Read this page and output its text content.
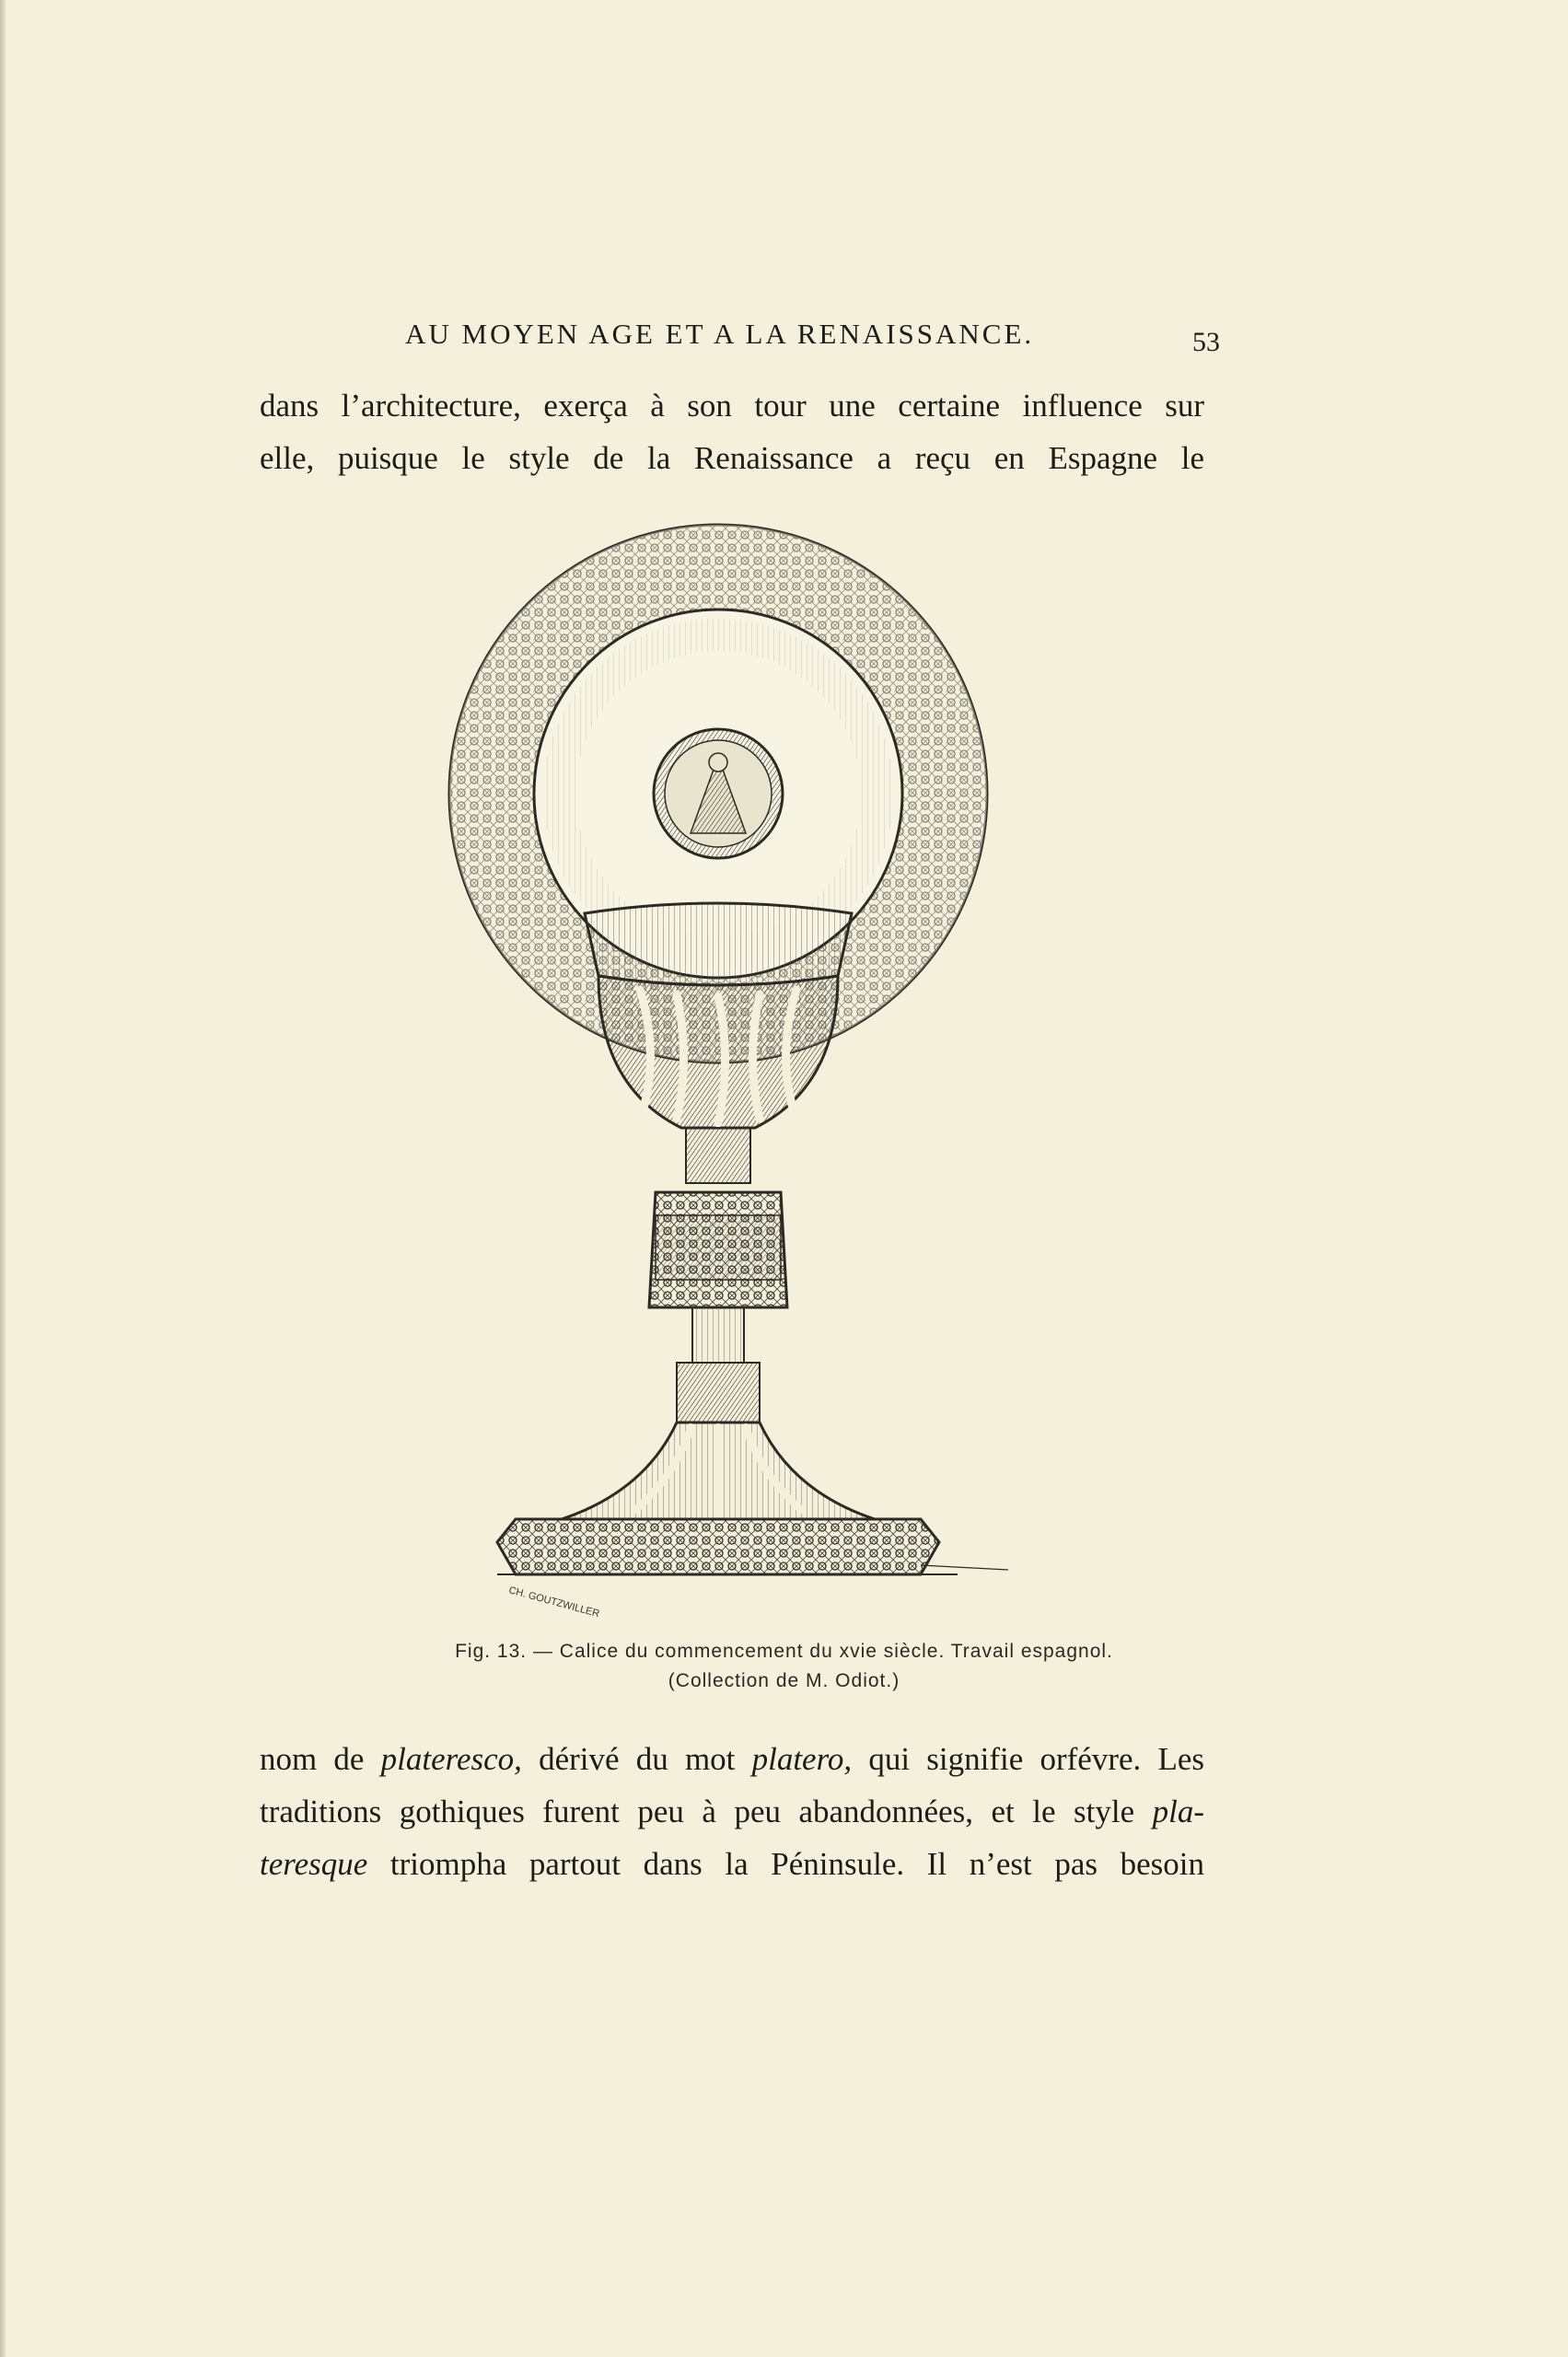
AU MOYEN AGE ET A LA RENAISSANCE.	53
dans l’architecture, exerça à son tour une certaine influence sur
elle, puisque le style de la Renaissance a reçu en Espagne le
CH. GOUTZWILLER
Fig. 13. — Calice du commencement du xvie siècle. Travail espagnol.
(Collection de M. Odiot.)
nom de plateresco, dérivé du mot platero, qui signifie orfévre. Les
traditions gothiques furent peu à peu abandonnées, et le style pla-
teresque triompha partout dans la Péninsule. Il n’est pas besoin
